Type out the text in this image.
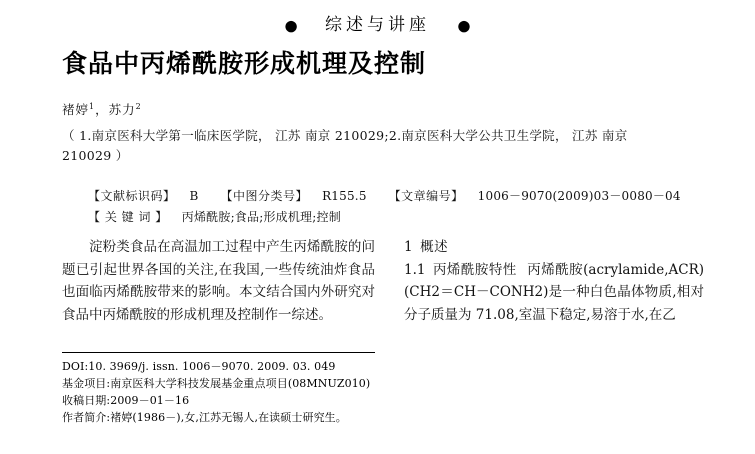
● 综述与讲座 ●
食品中丙烯酰胺形成机理及控制
褚婷$^1$，苏力$^2$
（ 1.南京医科大学第一临床医学院， 江苏 南京 210029;2.南京医科大学公共卫生学院， 江苏 南京 210029 ）
【文献标识码】 B 【中图分类号】 R155.5 【文章编号】 1006－9070(2009)03－0080－04
【 关 键 词 】 丙烯酰胺;食品;形成机理;控制
淀粉类食品在高温加工过程中产生丙烯酰胺的问题已引起世界各国的关注,在我国,一些传统油炸食品也面临丙烯酰胺带来的影响。本文结合国内外研究对食品中丙烯酰胺的形成机理及控制作一综述。
1 概述
1.1 丙烯酰胺特性 丙烯酰胺(acrylamide,ACR)(CH2＝CH－CONH2)是一种白色晶体物质,相对分子质量为 71.08,室温下稳定,易溶于水,在乙
DOI:10. 3969/j. issn. 1006－9070. 2009. 03. 049
基金项目:南京医科大学科技发展基金重点项目(08MNUZ010)
收稿日期:2009－01－16
作者简介:褚婷(1986－),女,江苏无锡人,在读硕士研究生。
